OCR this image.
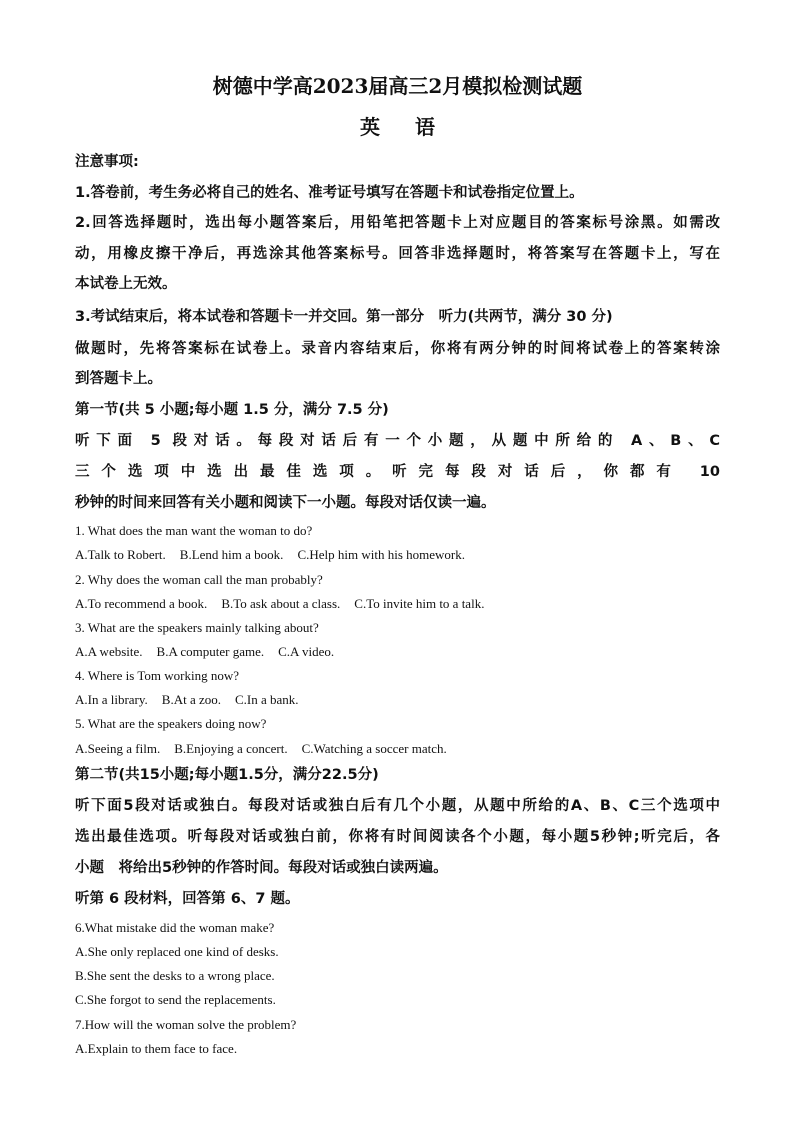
树德中学高2023届高三2月模拟检测试题
英 语
注意事项:
1.答卷前，考生务必将自己的姓名、准考证号填写在答题卡和试卷指定位置上。
2.回答选择题时，选出每小题答案后，用铅笔把答题卡上对应题目的答案标号涂黑。如需改
动，用橡皮擦干净后，再选涂其他答案标号。回答非选择题时，将答案写在答题卡上，写在
本试卷上无效。
3.考试结束后，将本试卷和答题卡一并交回。第一部分　听力(共两节，满分 30 分)
做题时，先将答案标在试卷上。录音内容结束后，你将有两分钟的时间将试卷上的答案转涂
到答题卡上。
第一节(共 5 小题;每小题 1.5 分，满分 7.5 分)
听下面 5 段对话。每段对话后有一个小题，从题中所给的 A、B、C
三个选项中选出最佳选项。听完每段对话后，你都有 10
秒钟的时间来回答有关小题和阅读下一小题。每段对话仅读一遍。
1. What does the man want the woman to do?
A.Talk to Robert. B.Lend him a book. C.Help him with his homework.
2. Why does the woman call the man probably?
A.To recommend a book. B.To ask about a class. C.To invite him to a talk.
3. What are the speakers mainly talking about?
A.A website. B.A computer game. C.A video.
4. Where is Tom working now?
A.In a library. B.At a zoo. C.In a bank.
5. What are the speakers doing now?
A.Seeing a film. B.Enjoying a concert. C.Watching a soccer match.
第二节(共15小题;每小题1.5分，满分22.5分)
听下面5段对话或独白。每段对话或独白后有几个小题，从题中所给的A、B、C三个选项中
选出最佳选项。听每段对话或独白前，你将有时间阅读各个小题，每小题5秒钟;听完后，各
小题　将给出5秒钟的作答时间。每段对话或独白读两遍。
听第 6 段材料，回答第 6、7 题。
6.What mistake did the woman make?
A.She only replaced one kind of desks.
B.She sent the desks to a wrong place.
C.She forgot to send the replacements.
7.How will the woman solve the problem?
A.Explain to them face to face.
